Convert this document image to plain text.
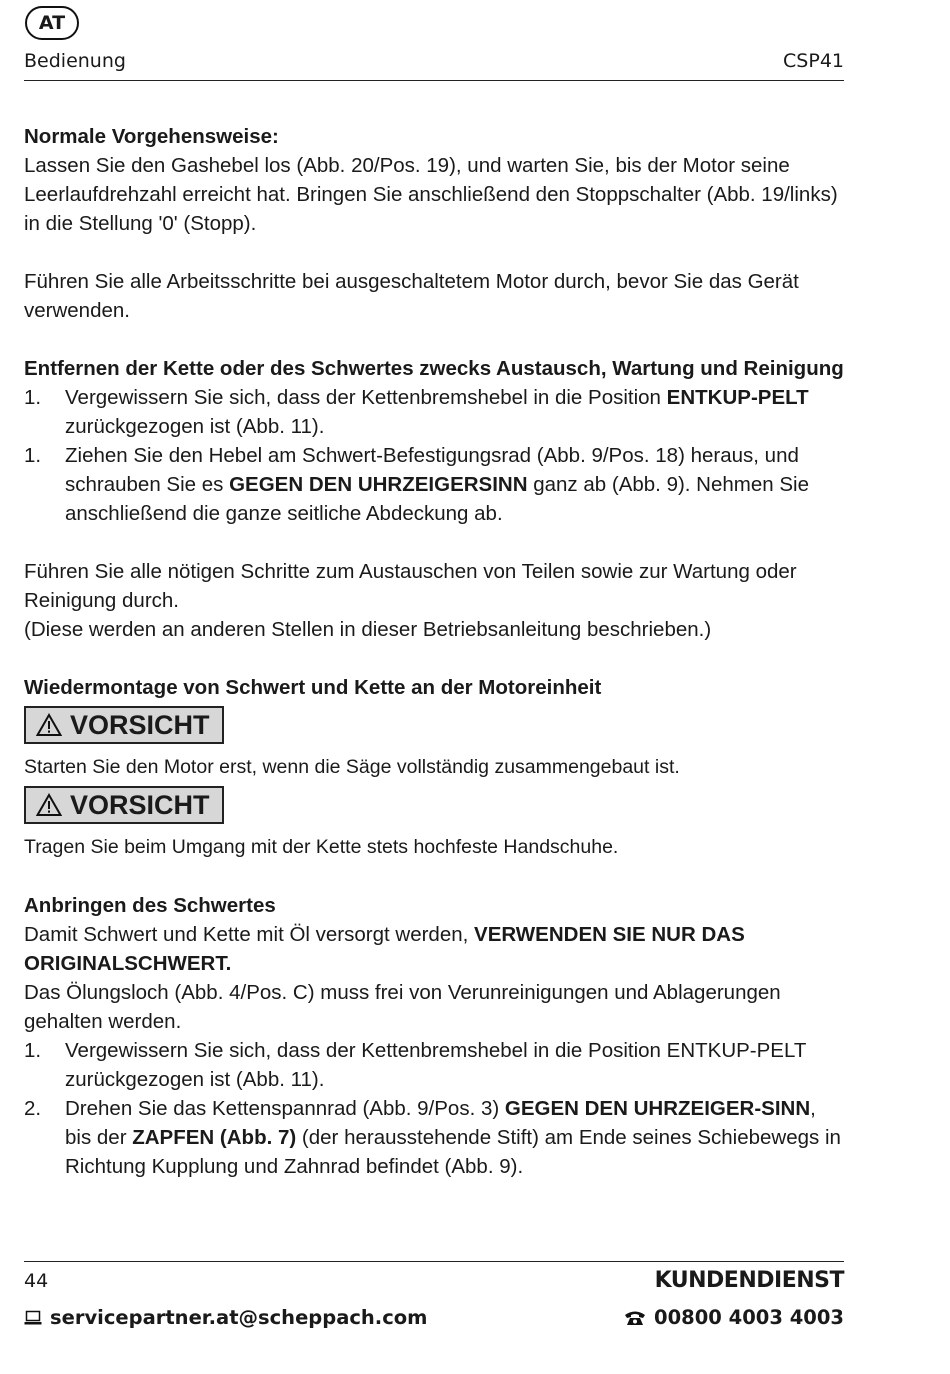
AT
Bedienung	CSP41

Normale Vorgehensweise:

Lassen Sie den Gashebel los (Abb. 20/Pos. 19), und warten Sie, bis der Motor seine Leerlaufdrehzahl erreicht hat. Bringen Sie anschließend den Stoppschalter (Abb. 19/links) in die Stellung '0' (Stopp).

Führen Sie alle Arbeitsschritte bei ausgeschaltetem Motor durch, bevor Sie das Gerät verwenden.

Entfernen der Kette oder des Schwertes zwecks Austausch, Wartung und Reinigung

1. Vergewissern Sie sich, dass der Kettenbremshebel in die Position ENTKUP-PELT zurückgezogen ist (Abb. 11).
1. Ziehen Sie den Hebel am Schwert-Befestigungsrad (Abb. 9/Pos. 18) heraus, und schrauben Sie es GEGEN DEN UHRZEIGERSINN ganz ab (Abb. 9). Nehmen Sie anschließend die ganze seitliche Abdeckung ab.

Führen Sie alle nötigen Schritte zum Austauschen von Teilen sowie zur Wartung oder Reinigung durch.

(Diese werden an anderen Stellen in dieser Betriebsanleitung beschrieben.)

Wiedermontage von Schwert und Kette an der Motoreinheit

VORSICHT

Starten Sie den Motor erst, wenn die Säge vollständig zusammengebaut ist.

VORSICHT

Tragen Sie beim Umgang mit der Kette stets hochfeste Handschuhe.

Anbringen des Schwertes

Damit Schwert und Kette mit Öl versorgt werden, VERWENDEN SIE NUR DAS ORIGINALSCHWERT.

Das Ölungsloch (Abb. 4/Pos. C) muss frei von Verunreinigungen und Ablagerungen gehalten werden.

1. Vergewissern Sie sich, dass der Kettenbremshebel in die Position ENTKUP-PELT zurückgezogen ist (Abb. 11).
2. Drehen Sie das Kettenspannrad (Abb. 9/Pos. 3) GEGEN DEN UHRZEIGER-SINN, bis der ZAPFEN (Abb. 7) (der herausstehende Stift) am Ende seines Schiebewegs in Richtung Kupplung und Zahnrad befindet (Abb. 9).
44	KUNDENDIENST
servicepartner.at@scheppach.com	00800 4003 4003
